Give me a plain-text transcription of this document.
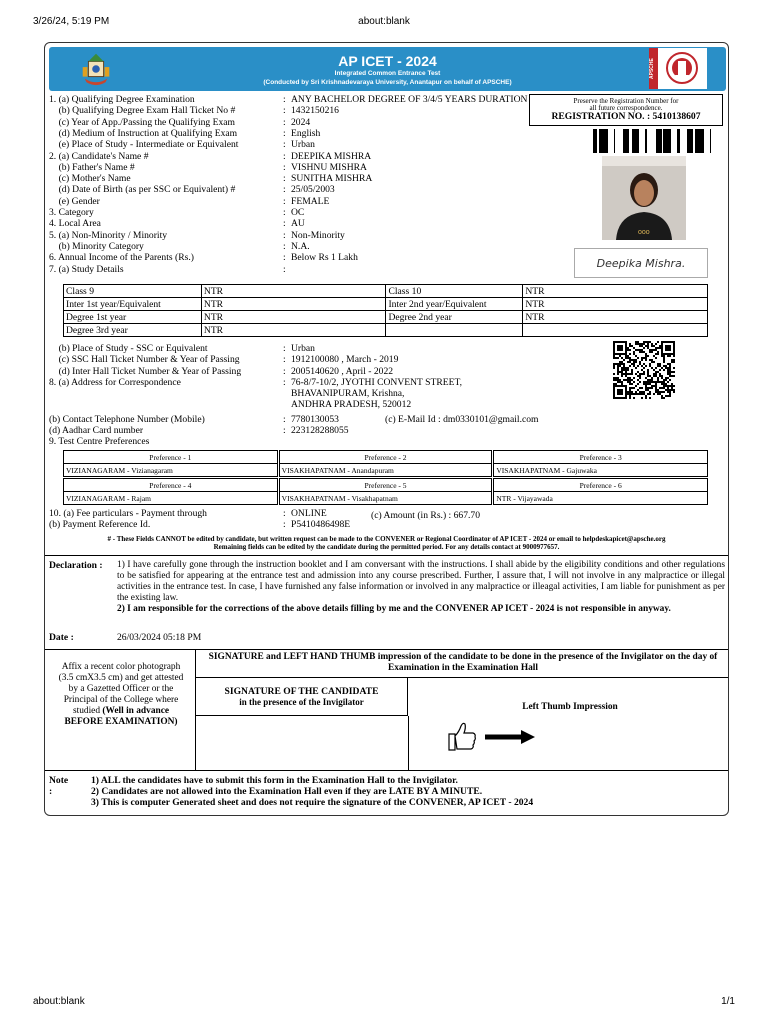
3/26/24, 5:19 PM	about:blank
AP ICET - 2024
Integrated Common Entrance Test
(Conducted by Sri Krishnadevaraya University, Anantapur on behalf of APSCHE)
APSCHE
1. (a) Qualifying Degree Examination	: ANY BACHELOR DEGREE OF 3/4/5 YEARS DURATION
(b) Qualifying Degree Exam Hall Ticket No #	: 1432150216
(c) Year of App./Passing the Qualifying Exam	: 2024
(d) Medium of Instruction at Qualifying Exam	: English
(e) Place of Study - Intermediate or Equivalent	: Urban
2. (a) Candidate's Name #	: DEEPIKA MISHRA
(b) Father's Name #	: VISHNU MISHRA
(c) Mother's Name	: SUNITHA MISHRA
(d) Date of Birth (as per SSC or Equivalent) #	: 25/05/2003
(e) Gender	: FEMALE
3. Category	: OC
4. Local Area	: AU
5. (a) Non-Minority / Minority	: Non-Minority
(b) Minority Category	: N.A.
6. Annual Income of the Parents (Rs.)	: Below Rs 1 Lakh
7. (a) Study Details	:
Preserve the Registration Number for
all future correspondence.
REGISTRATION NO. : 5410138607
ooo
Deepika Mishra.
Class 9	NTR	Class 10	NTR
Inter 1st year/Equivalent	NTR	Inter 2nd year/Equivalent	NTR
Degree 1st year	NTR	Degree 2nd year	NTR
Degree 3rd year	NTR		
(b) Place of Study - SSC or Equivalent	: Urban
(c) SSC Hall Ticket Number & Year of Passing	: 1912100080 , March - 2019
(d) Inter Hall Ticket Number & Year of Passing	: 2005140620 , April - 2022
8. (a) Address for Correspondence	: 76-8/7-10/2, JYOTHI CONVENT STREET,
BHAVANIPURAM, Krishna,
ANDHRA PRADESH, 520012
(b) Contact Telephone Number (Mobile)	: 7780130053	(c) E-Mail Id : dm0330101@gmail.com
(d) Aadhar Card number	: 223128288055
9. Test Centre Preferences
Preference - 1	Preference - 2	Preference - 3
VIZIANAGARAM - Vizianagaram	VISAKHAPATNAM - Anandapuram	VISAKHAPATNAM - Gajuwaka

Preference - 4	Preference - 5	Preference - 6
VIZIANAGARAM - Rajam	VISAKHAPATNAM - Visakhapatnam	NTR - Vijayawada

10. (a) Fee particulars - Payment through	: ONLINE	(c) Amount (in Rs.) : 667.70
(b) Payment Reference Id.	: P5410486498E
# - These Fields CANNOT be edited by candidate, but written request can be made to the CONVENER or Regional Coordinator of AP ICET - 2024 or email to helpdeskapicet@apsche.org
Remaining fields can be edited by the candidate during the permitted period. For any details contact at 9000977657.
Declaration : 1) I have carefully gone through the instruction booklet and I am conversant with the instructions. I shall abide by the eligibility conditions and other regulations to be satisfied for appearing at the entrance test and admission into any course prescribed. Further, I assure that, I will not involve in any malpractice or illegal activities in the entrance test. In case, I have furnished any false information or involved in any malpractice or illeagal activities, I am liable for punishment as per the existing law.
2) I am responsible for the corrections of the above details filling by me and the CONVENER AP ICET - 2024 is not responsible in anyway.
Date :	26/03/2024 05:18 PM
Affix a recent color photograph (3.5 cmX3.5 cm) and get attested by a Gazetted Officer or the Principal of the College where studied (Well in advance BEFORE EXAMINATION)
SIGNATURE and LEFT HAND THUMB impression of the candidate to be done in the presence of the Invigilator on the day of Examination in the Examination Hall
SIGNATURE OF THE CANDIDATE
in the presence of the Invigilator	Left Thumb Impression
Note :
1) ALL the candidates have to submit this form in the Examination Hall to the Invigilator.
2) Candidates are not allowed into the Examination Hall even if they are LATE BY A MINUTE.
3) This is computer Generated sheet and does not require the signature of the CONVENER, AP ICET - 2024
about:blank	1/1
